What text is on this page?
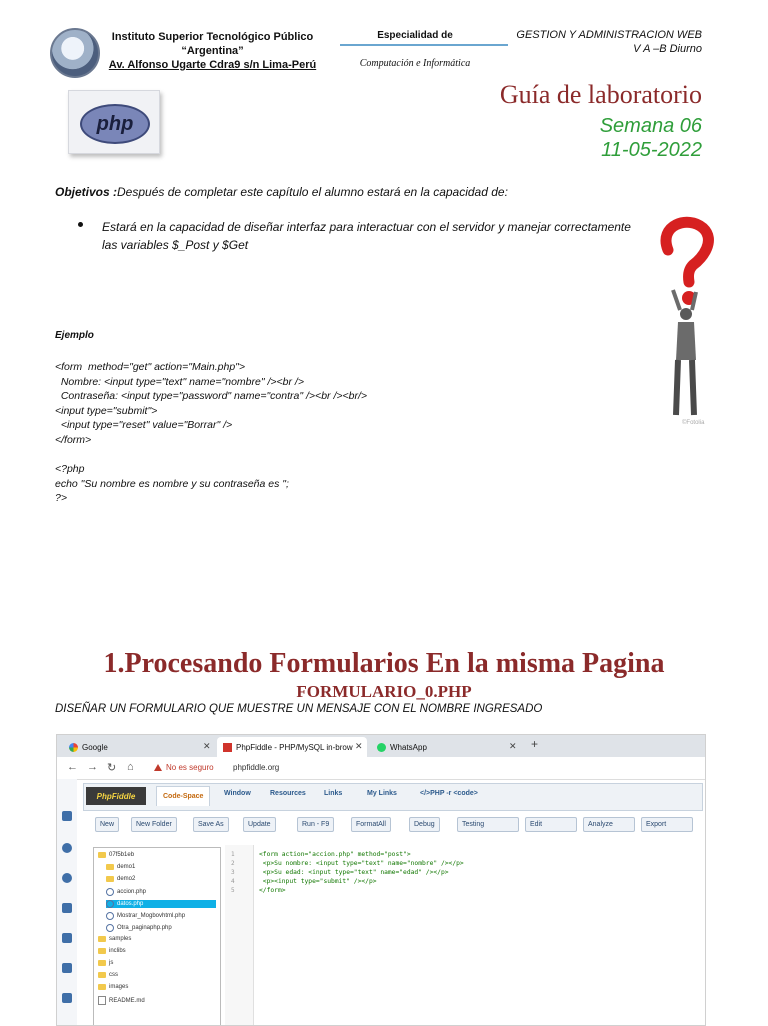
Instituto Superior Tecnológico Público
“Argentina”
Av. Alfonso Ugarte Cdra9 s/n Lima-Perú
Especialidad de
Computación e Informática
GESTION Y ADMINISTRACION WEB
V A –B Diurno
php
Guía de laboratorio
Semana 06
11-05-2022
Objetivos :Después de completar este capítulo el alumno estará en la capacidad de:
Estará en la capacidad de diseñar interfaz para interactuar con el servidor y manejar correctamente las variables $_Post y $Get
©Fotolia
Ejemplo
<form  method="get" action="Main.php">
Nombre: <input type="text" name="nombre" /><br />
Contraseña: <input type="password" name="contra" /><br /><br/>
<input type="submit">
<input type="reset" value="Borrar" />
</form>

<?php
echo "Su nombre es nombre y su contraseña es ";
?>
1.Procesando Formularios En la misma Pagina
FORMULARIO_0.PHP
DISEÑAR UN FORMULARIO QUE MUESTRE UN MENSAJE CON EL NOMBRE INGRESADO
Google	✕	PhpFiddle - PHP/MySQL in-brow ✕	WhatsApp	✕ +
← → ↻ ⌂	No es seguro phpfiddle.org
PhpFiddle	Code-Space	Window	Resources	Links	My Links	</>PHP -r <code>
New	New Folder	Save As	Update	Run - F9	FormatAll	Debug	Testing	Edit	Analyze	Export
07f5b1eb
demo1
demo2
accion.php
datos.php
Mostrar_Mogbovhtml.php
Otra_paginaphp.php
samples
inclibs
js
css
images
README.md
1
2
3
4
5
<form action="accion.php" method="post">
<p>Su nombre: <input type="text" name="nombre" /></p>
<p>Su edad: <input type="text" name="edad" /></p>
<p><input type="submit" /></p>
</form>
